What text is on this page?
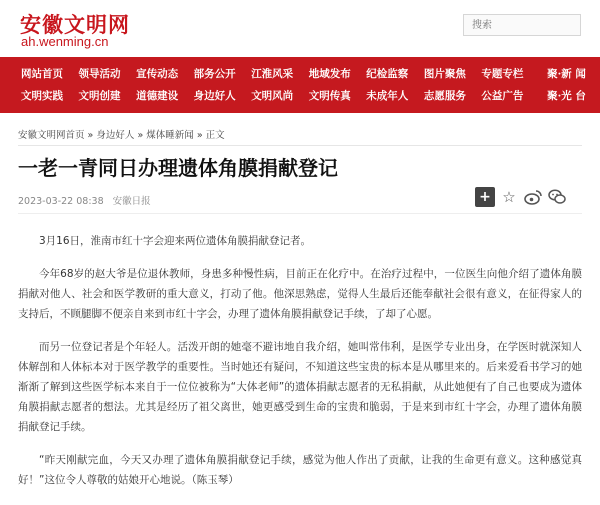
安徽文明网
ah.wenming.cn
搜索
网站首页	领导活动	宣传动态	部务公开	江淮风采	地域发布	纪检监察	图片聚焦	专题专栏	聚·新 闻
文明实践	文明创建	道德建设	身边好人	文明风尚	文明传真	未成年人	志愿服务	公益广告	聚·光 台
安徽文明网首页 » 身边好人 » 煤体睡新闻 » 正文
一老一青同日办理遗体角膜捐献登记
2023-03-22 08:38 安徽日报	+ ☆

3月16日，淮南市红十字会迎来两位遗体角膜捐献登记者。

今年68岁的赵大爷是位退休教师，身患多种慢性病，目前正在化疗中。在治疗过程中，一位医生向他介绍了遗体角膜捐献对他人、社会和医学教研的重大意义，打动了他。他深思熟虑，觉得人生最后还能奉献社会很有意义，在征得家人的支持后，不顾腿脚不便亲自来到市红十字会，办理了遗体角膜捐献登记手续，了却了心愿。

而另一位登记者是个年轻人。活泼开朗的她毫不避讳地自我介绍，她叫常伟利，是医学专业出身，在学医时就深知人体解剖和人体标本对于医学教学的重要性。当时她还有疑问，不知道这些宝贵的标本是从哪里来的。后来爱看书学习的她渐渐了解到这些医学标本来自于一位位被称为“大体老师”的遗体捐献志愿者的无私捐献，从此她便有了自己也要成为遗体角膜捐献志愿者的想法。尤其是经历了祖父离世，她更感受到生命的宝贵和脆弱，于是来到市红十字会，办理了遗体角膜捐献登记手续。

“昨天刚献完血，今天又办理了遗体角膜捐献登记手续，感觉为他人作出了贡献，让我的生命更有意义。这种感觉真好！”这位令人尊敬的姑娘开心地说。（陈玉琴）
